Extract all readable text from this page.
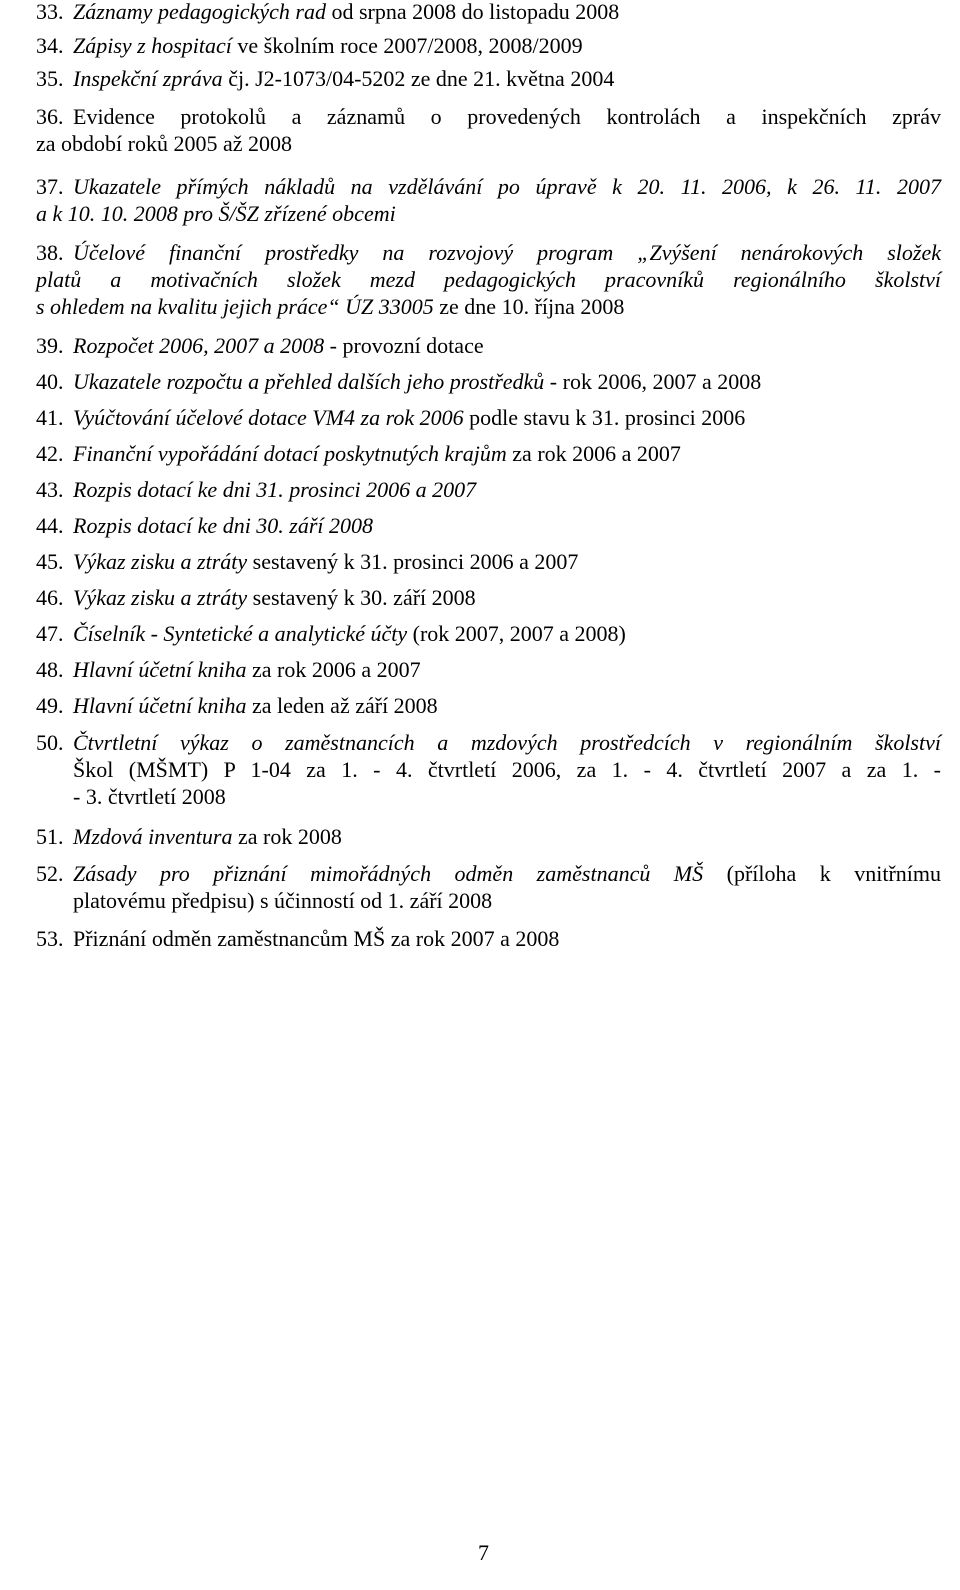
33. Záznamy pedagogických rad od srpna 2008 do listopadu 2008
34. Zápisy z hospitací ve školním roce 2007/2008, 2008/2009
35. Inspekční zpráva čj. J2-1073/04-5202 ze dne 21. května 2004
36. Evidence protokolů a záznamů o provedených kontrolách a inspekčních zpráv
za období roků 2005 až 2008
37. Ukazatele přímých nákladů na vzdělávání po úpravě k 20. 11. 2006, k 26. 11. 2007
a k 10. 10. 2008 pro Š/ŠZ zřízené obcemi
38. Účelové finanční prostředky na rozvojový program „Zvýšení nenárokových složek
platů a motivačních složek mezd pedagogických pracovníků regionálního školství
s ohledem na kvalitu jejich práce“ ÚZ 33005 ze dne 10. října 2008
39. Rozpočet 2006, 2007 a 2008 - provozní dotace
40. Ukazatele rozpočtu a přehled dalších jeho prostředků - rok 2006, 2007 a 2008
41. Vyúčtování účelové dotace VM4 za rok 2006 podle stavu k 31. prosinci 2006
42. Finanční vypořádání dotací poskytnutých krajům za rok 2006 a 2007
43. Rozpis dotací ke dni 31. prosinci 2006 a 2007
44. Rozpis dotací ke dni 30. září 2008
45. Výkaz zisku a ztráty sestavený k 31. prosinci 2006 a 2007
46. Výkaz zisku a ztráty sestavený k 30. září 2008
47. Číselník - Syntetické a analytické účty (rok 2007, 2007 a 2008)
48. Hlavní účetní kniha za rok 2006 a 2007
49. Hlavní účetní kniha za leden až září 2008
50. Čtvrtletní výkaz o zaměstnancích a mzdových prostředcích v regionálním školství
Škol (MŠMT) P 1-04 za 1. - 4. čtvrtletí 2006, za 1. - 4. čtvrtletí 2007 a za 1. -
- 3. čtvrtletí 2008
51. Mzdová inventura za rok 2008
52. Zásady pro přiznání mimořádných odměn zaměstnanců MŠ (příloha k vnitřnímu
platovému předpisu) s účinností od 1. září 2008
53. Přiznání odměn zaměstnancům MŠ za rok 2007 a 2008
7
